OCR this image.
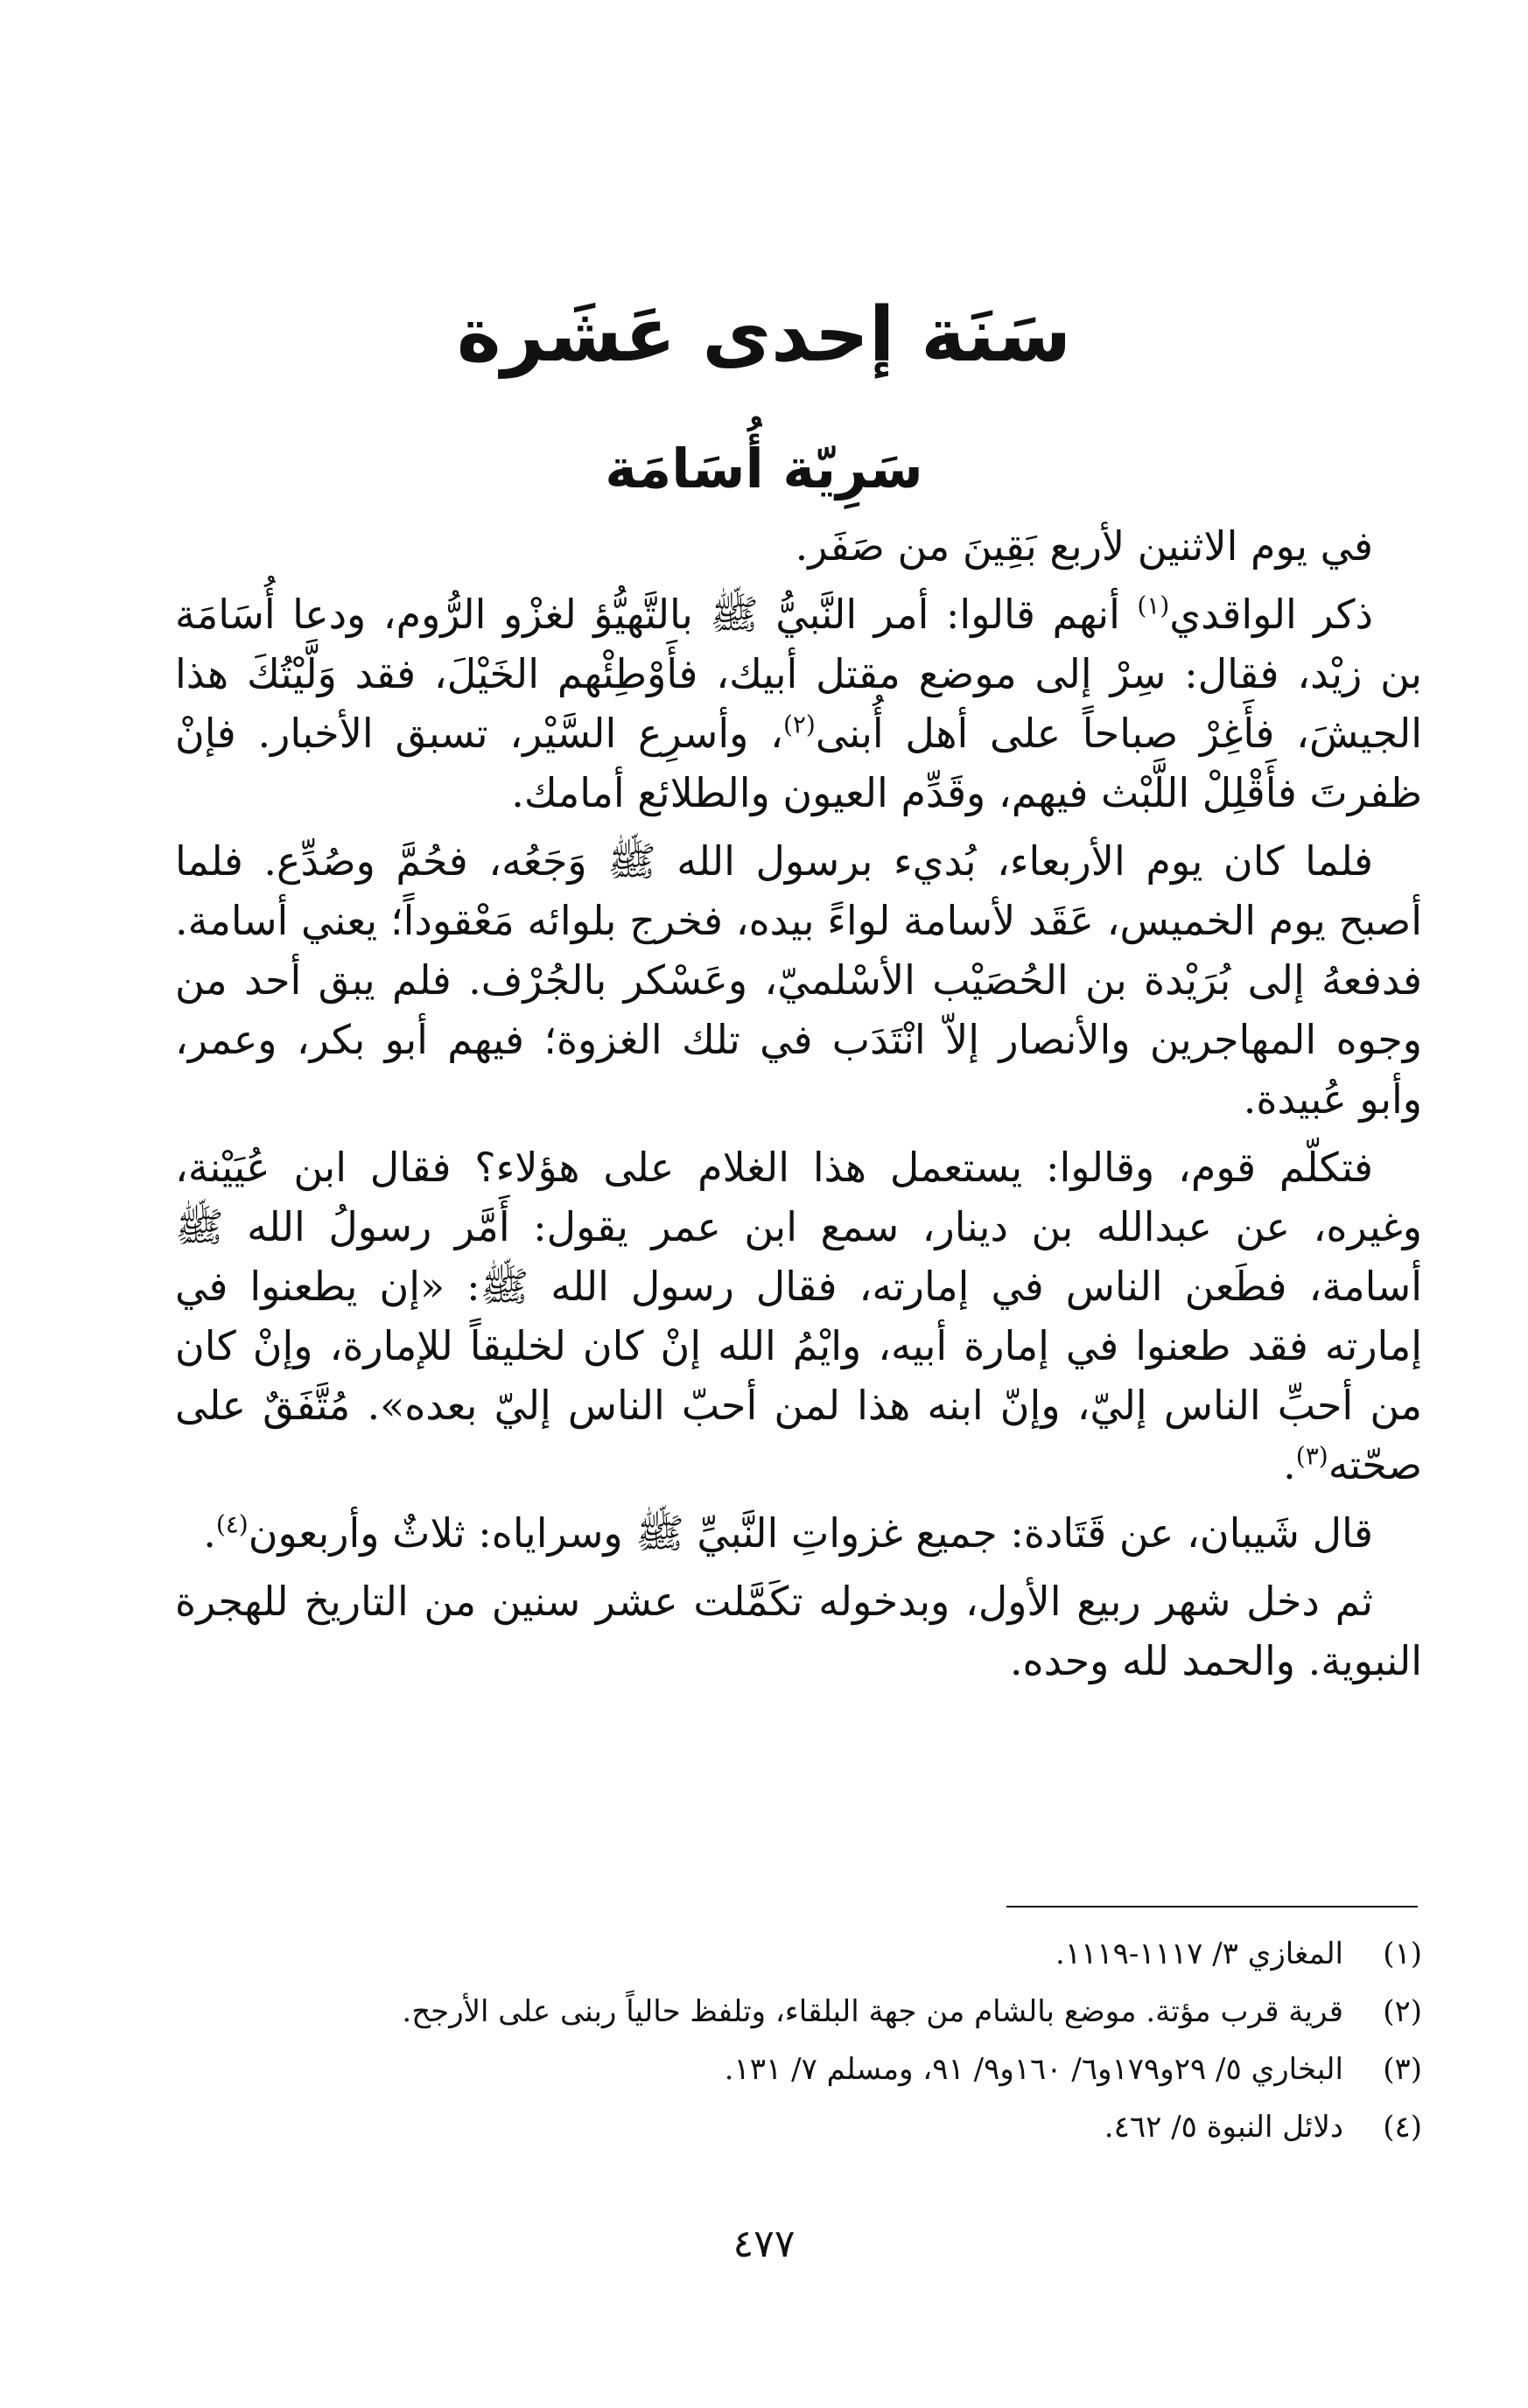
سَنَة إحدى عَشَرة
سَرِيّة أُسَامَة

في يوم الاثنين لأربع بَقِينَ من صَفَر.

ذكر الواقدي$^{(١)}$ أنهم قالوا: أمر النَّبيُّ ﷺ بالتَّهيُّؤ لغزْو الرُّوم، ودعا أُسَامَة بن زيْد، فقال: سِرْ إلى موضع مقتل أبيك، فأَوْطِئْهم الخَيْلَ، فقد وَلَّيْتُكَ هذا الجيشَ، فأَغِرْ صباحاً على أهل أُبنى$^{(٢)}$، وأسرِع السَّيْر، تسبق الأخبار. فإنْ ظفرتَ فأَقْلِلْ اللَّبْث فيهم، وقَدِّم العيون والطلائع أمامك.

فلما كان يوم الأربعاء، بُديء برسول الله ﷺ وَجَعُه، فحُمَّ وصُدِّع. فلما أصبح يوم الخميس، عَقَد لأسامة لواءً بيده، فخرج بلوائه مَعْقوداً؛ يعني أسامة. فدفعهُ إلى بُرَيْدة بن الحُصَيْب الأسْلميّ، وعَسْكر بالجُرْف. فلم يبق أحد من وجوه المهاجرين والأنصار إلاّ انْتَدَب في تلك الغزوة؛ فيهم أبو بكر، وعمر، وأبو عُبيدة.

فتكلّم قوم، وقالوا: يستعمل هذا الغلام على هؤلاء؟ فقال ابن عُيَيْنة، وغيره، عن عبدالله بن دينار، سمع ابن عمر يقول: أَمَّر رسولُ الله ﷺ أسامة، فطَعن الناس في إمارته، فقال رسول الله ﷺ: «إن يطعنوا في إمارته فقد طعنوا في إمارة أبيه، وايْمُ الله إنْ كان لخليقاً للإمارة، وإنْ كان من أحبِّ الناس إليّ، وإنّ ابنه هذا لمن أحبّ الناس إليّ بعده». مُتَّفَقٌ على صحّته$^{(٣)}$.

قال شَيبان، عن قَتَادة: جميع غزواتِ النَّبيِّ ﷺ وسراياه: ثلاثٌ وأربعون$^{(٤)}$.

ثم دخل شهر ربيع الأول، وبدخوله تكَمَّلت عشر سنين من التاريخ للهجرة النبوية. والحمد لله وحده.

(١)
المغازي ٣/ ١١١٧-١١١٩.
(٢)
قرية قرب مؤتة. موضع بالشام من جهة البلقاء، وتلفظ حالياً ربنى على الأرجح.
(٣)
البخاري ٥/ ٢٩و١٧٩و٦/ ١٦٠و٩/ ٩١، ومسلم ٧/ ١٣١.
(٤)
دلائل النبوة ٥/ ٤٦٢.
٤٧٧
